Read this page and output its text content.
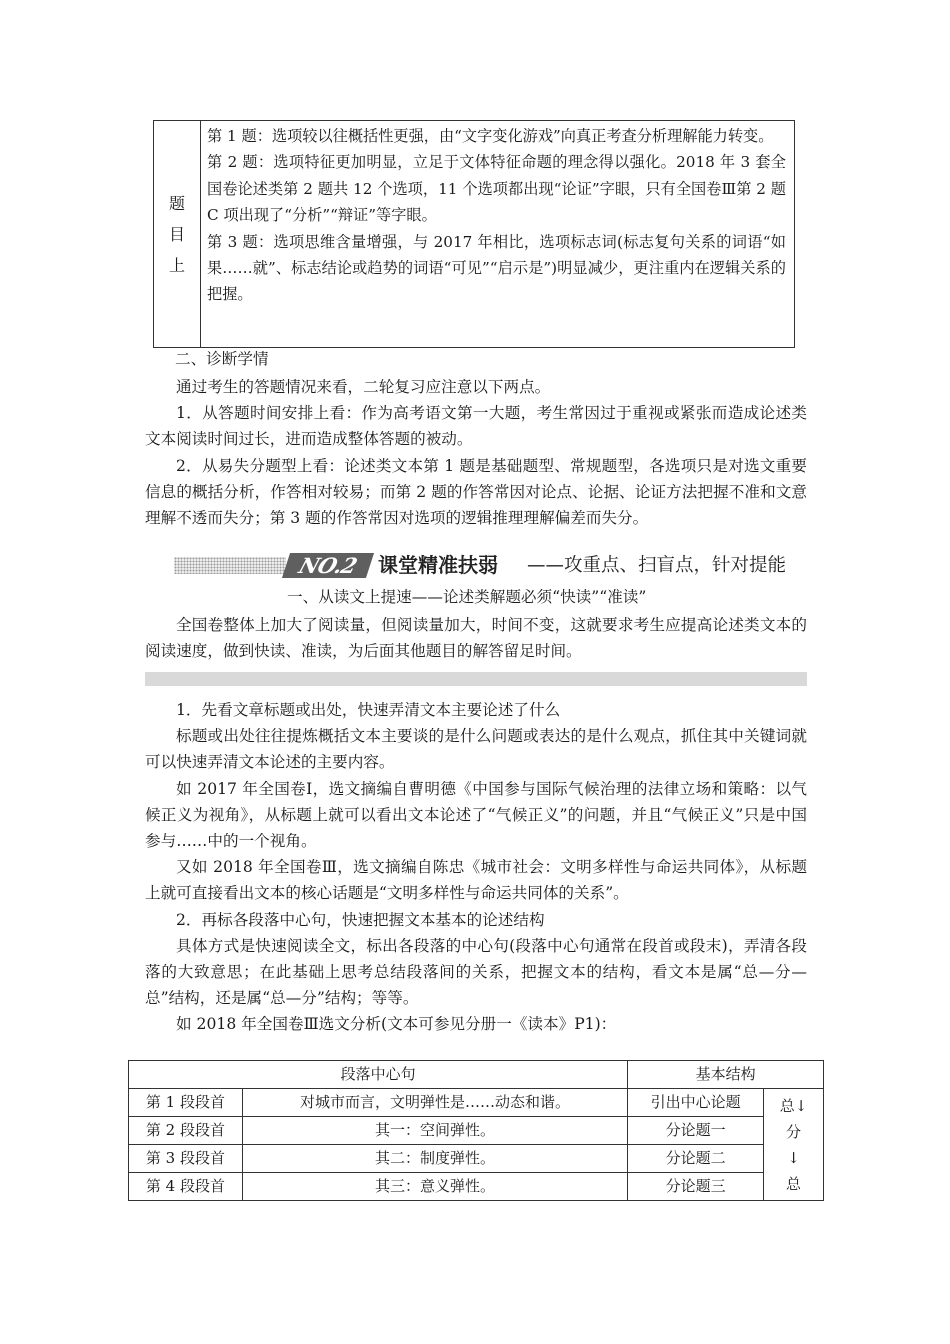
题
目
上

第 1 题：选项较以往概括性更强，由“文字变化游戏”向真正考查分析理解能力转变。

第 2 题：选项特征更加明显，立足于文体特征命题的理念得以强化。2018 年 3 套全国卷论述类第 2 题共 12 个选项，11 个选项都出现“论证”字眼，只有全国卷Ⅲ第 2 题 C 项出现了“分析”“辩证”等字眼。

第 3 题：选项思维含量增强，与 2017 年相比，选项标志词(标志复句关系的词语“如果……就”、标志结论或趋势的词语“可见”“启示是”)明显减少，更注重内在逻辑关系的把握。

二、诊断学情

通过考生的答题情况来看，二轮复习应注意以下两点。

1．从答题时间安排上看：作为高考语文第一大题，考生常因过于重视或紧张而造成论述类文本阅读时间过长，进而造成整体答题的被动。

2．从易失分题型上看：论述类文本第 1 题是基础题型、常规题型，各选项只是对选文重要信息的概括分析，作答相对较易；而第 2 题的作答常因对论点、论据、论证方法把握不准和文意理解不透而失分；第 3 题的作答常因对选项的逻辑推理理解偏差而失分。

NO.2 课堂精准扶弱 ——攻重点、扫盲点，针对提能
一、从读文上提速——论述类解题必须“快读”“准读”

全国卷整体上加大了阅读量，但阅读量加大，时间不变，这就要求考生应提高论述类文本的阅读速度，做到快读、准读，为后面其他题目的解答留足时间。

1．先看文章标题或出处，快速弄清文本主要论述了什么

标题或出处往往提炼概括文本主要谈的是什么问题或表达的是什么观点，抓住其中关键词就可以快速弄清文本论述的主要内容。

如 2017 年全国卷Ⅰ，选文摘编自曹明德《中国参与国际气候治理的法律立场和策略：以气候正义为视角》，从标题上就可以看出文本论述了“气候正义”的问题，并且“气候正义”只是中国参与……中的一个视角。

又如 2018 年全国卷Ⅲ，选文摘编自陈忠《城市社会：文明多样性与命运共同体》，从标题上就可直接看出文本的核心话题是“文明多样性与命运共同体的关系”。

2．再标各段落中心句，快速把握文本基本的论述结构

具体方式是快速阅读全文，标出各段落的中心句(段落中心句通常在段首或段末)，弄清各段落的大致意思；在此基础上思考总结段落间的关系，把握文本的结构，看文本是属“总—分—总”结构，还是属“总—分”结构；等等。

如 2018 年全国卷Ⅲ选文分析(文本可参见分册一《读本》P1)：

段落中心句		基本结构	
第 1 段段首	对城市而言，文明弹性是……动态和谐。	引出中心论题	总↓
分
↓
总

第 2 段段首	其一：空间弹性。	分论题一	
第 3 段段首	其二：制度弹性。	分论题二	
第 4 段段首	其三：意义弹性。	分论题三	
